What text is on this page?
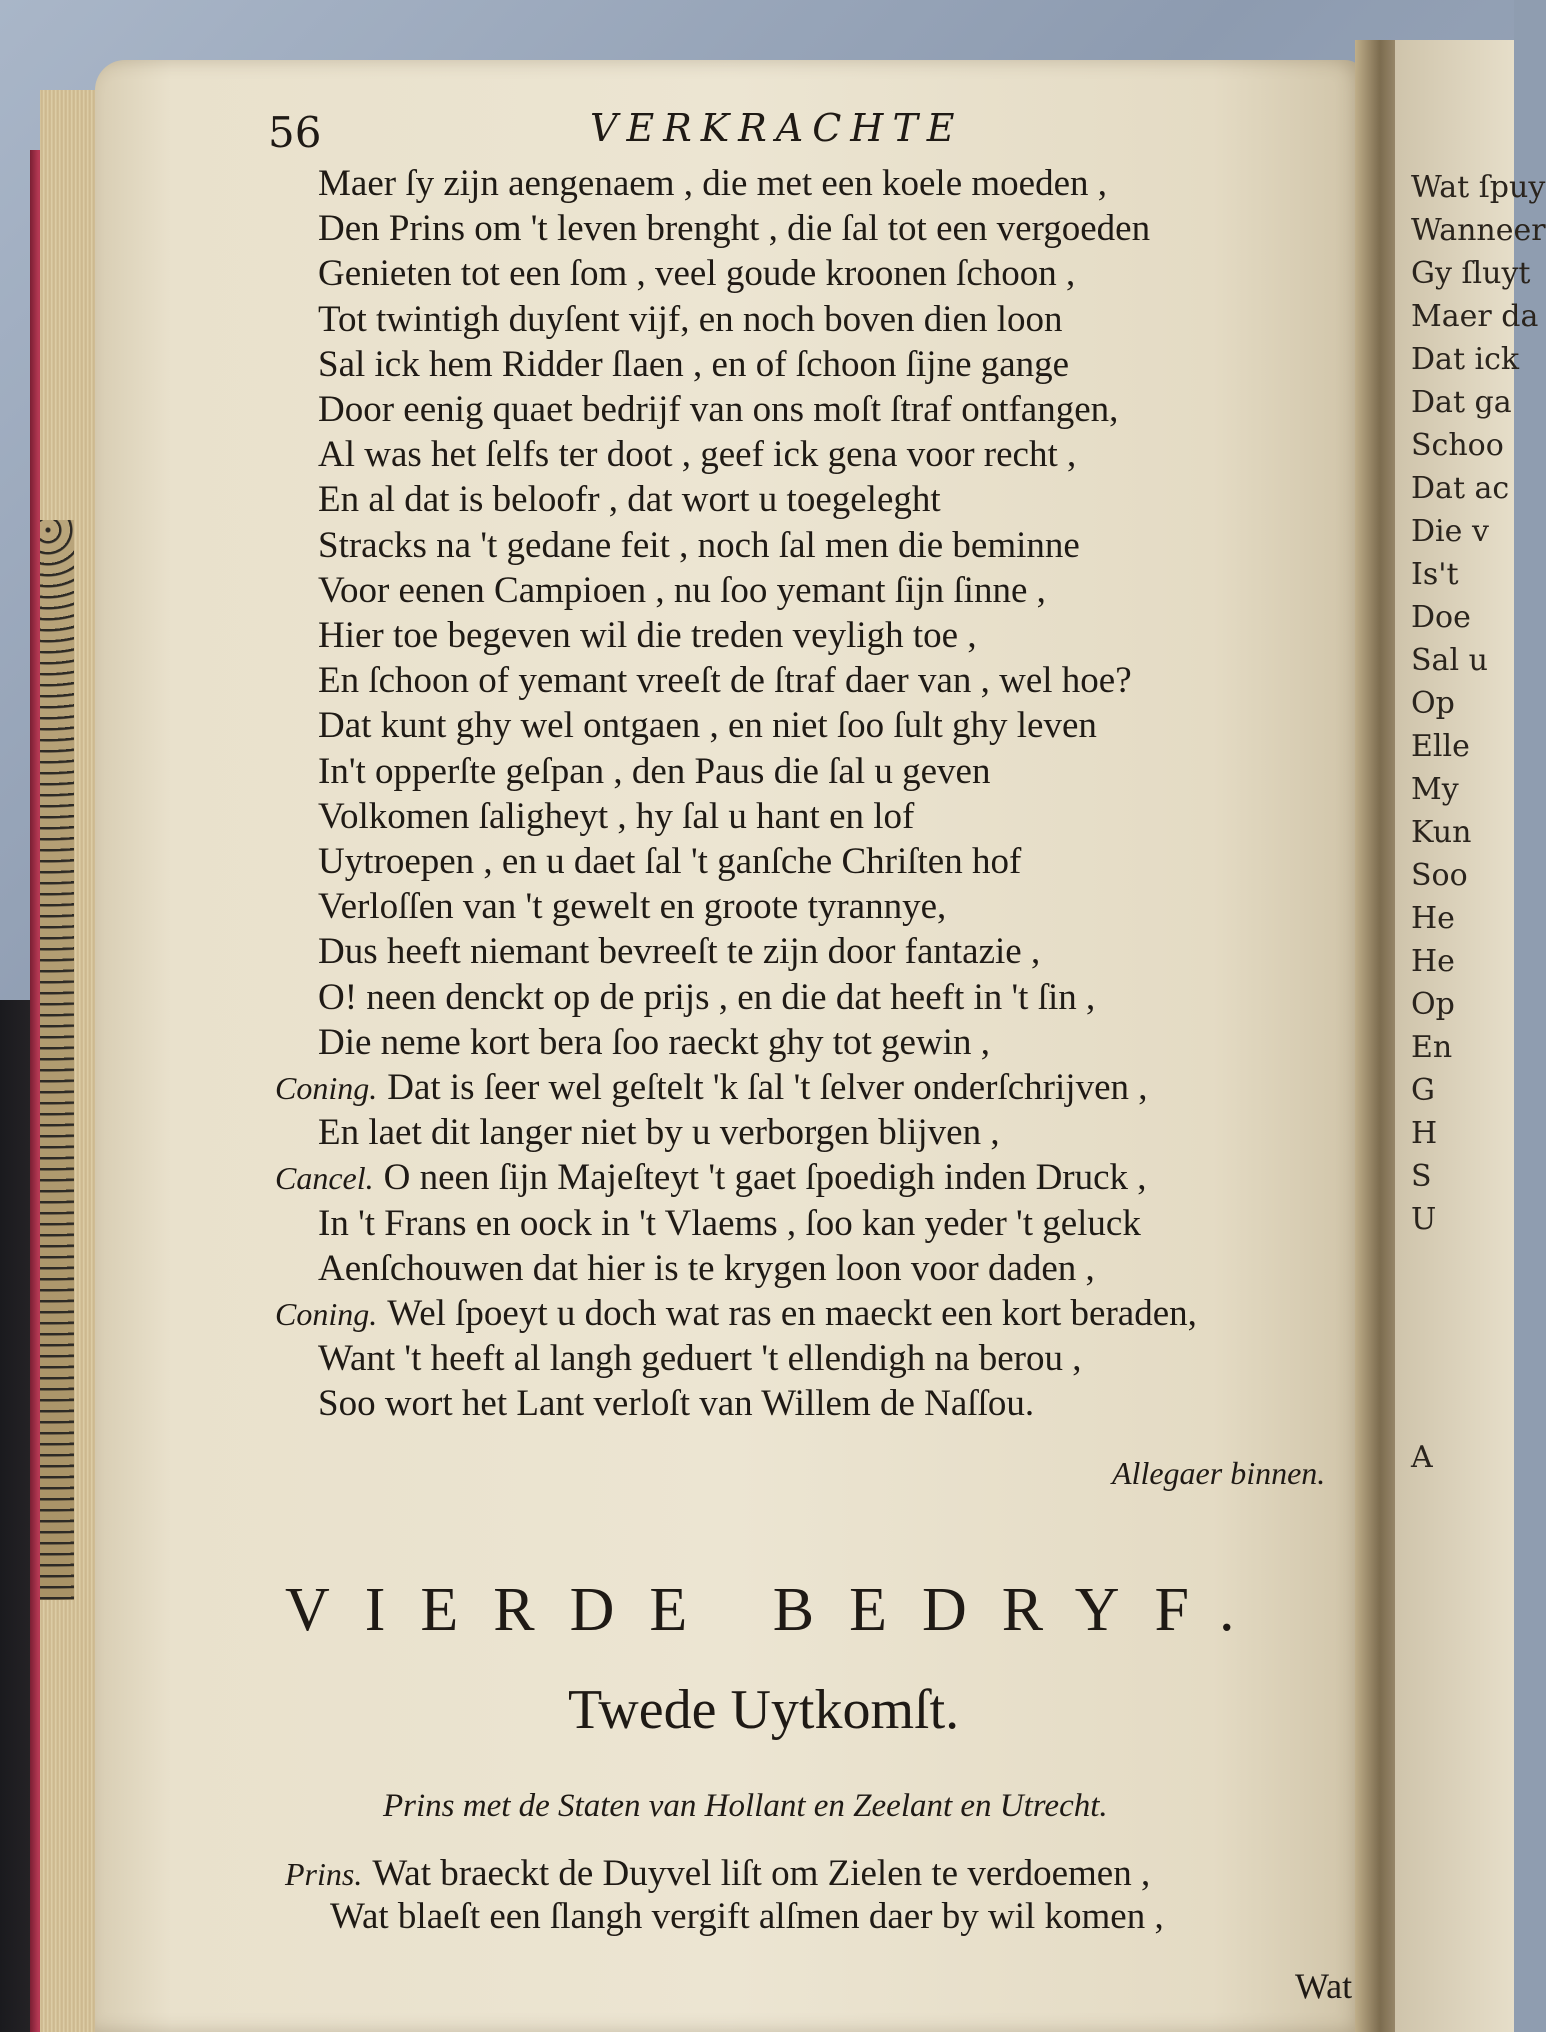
Wat ſpuy
Wanneer
Gy ſluyt
Maer da
Dat ick
Dat ga
Schoo
Dat ac
Die v
Is't
Doe
Sal u
Op
Elle
My
Kun
Soo
He
He
Op
En
G
H
S
U
A
56	VERKRACHTE
Maer ſy zijn aengenaem , die met een koele moeden ,
Den Prins om 't leven brenght , die ſal tot een vergoeden
Genieten tot een ſom , veel goude kroonen ſchoon ,
Tot twintigh duyſent vijf, en noch boven dien loon
Sal ick hem Ridder ſlaen , en of ſchoon ſijne gange
Door eenig quaet bedrijf van ons moſt ſtraf ontfangen,
Al was het ſelfs ter doot , geef ick gena voor recht ,
En al dat is beloofr , dat wort u toegeleght
Stracks na 't gedane feit , noch ſal men die beminne
Voor eenen Campioen , nu ſoo yemant ſijn ſinne ,
Hier toe begeven wil die treden veyligh toe ,
En ſchoon of yemant vreeſt de ſtraf daer van , wel hoe?
Dat kunt ghy wel ontgaen , en niet ſoo ſult ghy leven
In't opperſte geſpan , den Paus die ſal u geven
Volkomen ſaligheyt , hy ſal u hant en lof
Uytroepen , en u daet ſal 't ganſche Chriſten hof
Verloſſen van 't gewelt en groote tyrannye,
Dus heeft niemant bevreeſt te zijn door fantazie ,
O! neen denckt op de prijs , en die dat heeft in 't ſin ,
Die neme kort bera ſoo raeckt ghy tot gewin ,
Coning. Dat is ſeer wel geſtelt 'k ſal 't ſelver onderſchrijven ,
En laet dit langer niet by u verborgen blijven ,
Cancel. O neen ſijn Majeſteyt 't gaet ſpoedigh inden Druck ,
In 't Frans en oock in 't Vlaems , ſoo kan yeder 't geluck
Aenſchouwen dat hier is te krygen loon voor daden ,
Coning. Wel ſpoeyt u doch wat ras en maeckt een kort beraden,
Want 't heeft al langh geduert 't ellendigh na berou ,
Soo wort het Lant verloſt van Willem de Naſſou.
Allegaer binnen.
VIERDE BEDRYF.
Twede Uytkomſt.
Prins met de Staten van Hollant en Zeelant en Utrecht.
Prins. Wat braeckt de Duyvel liſt om Zielen te verdoemen ,
Wat blaeſt een ſlangh vergift alſmen daer by wil komen ,
Wat
